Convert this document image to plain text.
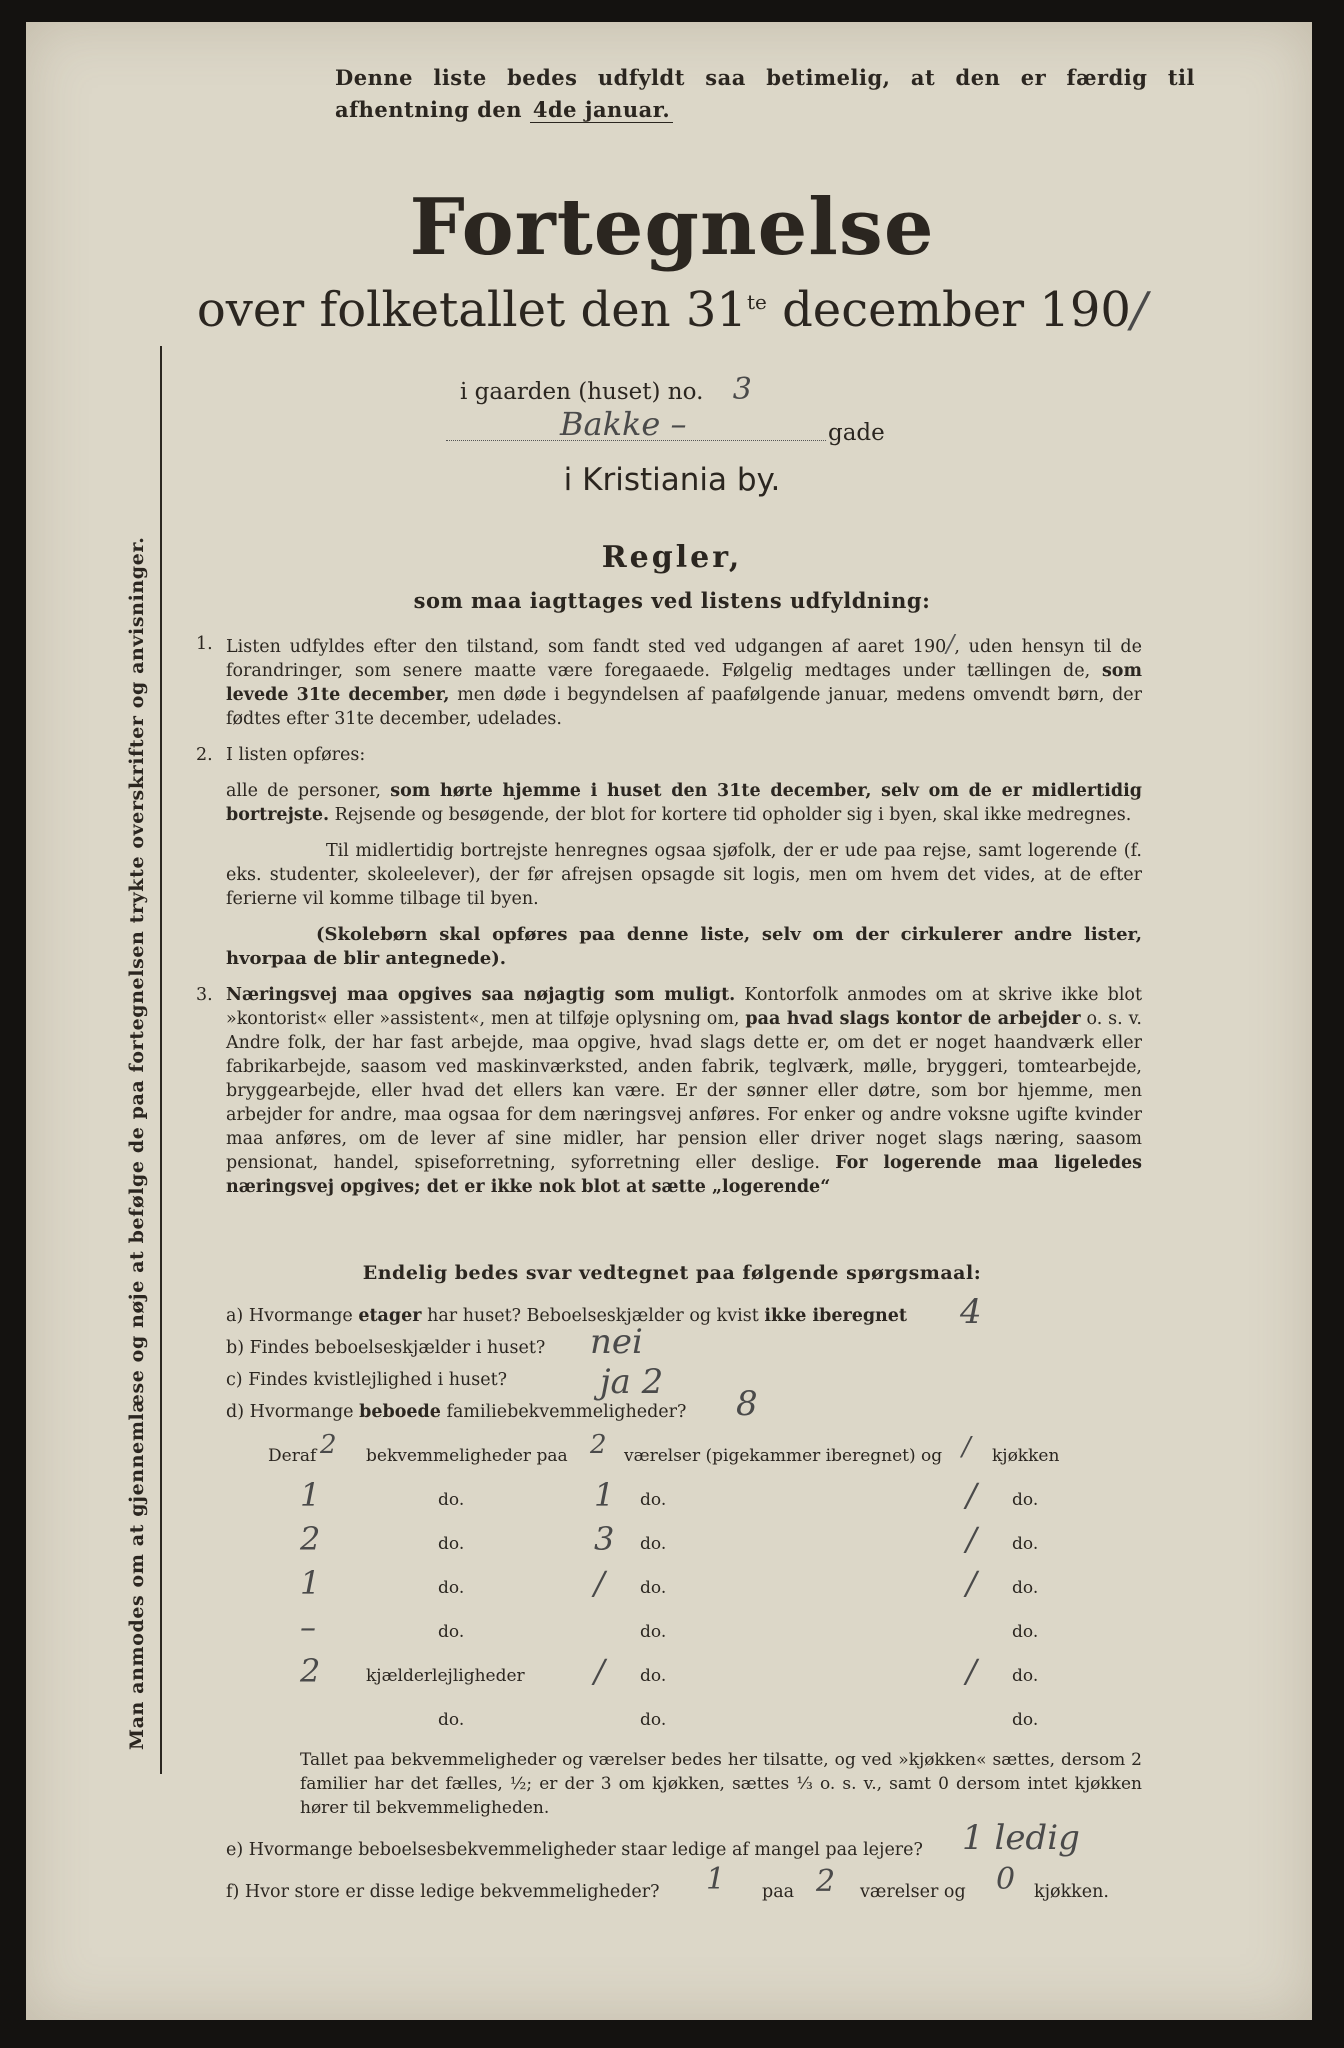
Denne liste bedes udfyldt saa betimelig, at den er færdig til
afhentning den 4de januar.
Fortegnelse
over folketallet den $31^{te}$ december 190/
i gaarden (huset) no. 3
Bakke –	gade
i Kristiania by.
Regler,
som maa iagttages ved listens udfyldning:
1. Listen udfyldes efter den tilstand, som fandt sted ved udgangen af aaret 190/, uden hensyn til de forandringer, som senere maatte være foregaaede. Følgelig medtages under tællingen de, som levede 31te december, men døde i begyndelsen af paafølgende januar, medens omvendt børn, der fødtes efter 31te december, udelades.
2. I listen opføres:

alle de personer, som hørte hjemme i huset den 31te december, selv om de er midlertidig bortrejste. Rejsende og besøgende, der blot for kortere tid opholder sig i byen, skal ikke medregnes.

Til midlertidig bortrejste henregnes ogsaa sjøfolk, der er ude paa rejse, samt logerende (f. eks. studenter, skoleelever), der før afrejsen opsagde sit logis, men om hvem det vides, at de efter ferierne vil komme tilbage til byen.

(Skolebørn skal opføres paa denne liste, selv om der cirkulerer andre lister, hvorpaa de blir antegnede).

3. Næringsvej maa opgives saa nøjagtig som muligt. Kontorfolk anmodes om at skrive ikke blot »kontorist« eller »assistent«, men at tilføje oplysning om, paa hvad slags kontor de arbejder o. s. v. Andre folk, der har fast arbejde, maa opgive, hvad slags dette er, om det er noget haandværk eller fabrikarbejde, saasom ved maskinværksted, anden fabrik, teglværk, mølle, bryggeri, tomtearbejde, bryggearbejde, eller hvad det ellers kan være. Er der sønner eller døtre, som bor hjemme, men arbejder for andre, maa ogsaa for dem næringsvej anføres. For enker og andre voksne ugifte kvinder maa anføres, om de lever af sine midler, har pension eller driver noget slags næring, saasom pensionat, handel, spiseforretning, syforretning eller deslige. For logerende maa ligeledes næringsvej opgives; det er ikke nok blot at sætte „logerende“
Endelig bedes svar vedtegnet paa følgende spørgsmaal:
a) Hvormange etager har huset? Beboelseskjælder og kvist ikke iberegnet 4
b) Findes beboelseskjælder i huset? nei
c) Findes kvistlejlighed i huset?	ja 2
d) Hvormange beboede familiebekvemmeligheder? 8
Deraf 2 bekvemmeligheder paa 2 værelser (pigekammer iberegnet) og / kjøkken
1	do.	1 do.	/ do.
2	do.	3 do.	/ do.
1	do.	/ do.	/ do.
–	do.	do.	do.
2	kjælderlejligheder / do.	/ do.
do.	do.	do.

Tallet paa bekvemmeligheder og værelser bedes her tilsatte, og ved »kjøkken« sættes, dersom 2 familier har det fælles, ½; er der 3 om kjøkken, sættes ⅓ o. s. v., samt 0 dersom intet kjøkken hører til bekvemmeligheden.

e) Hvormange beboelsesbekvemmeligheder staar ledige af mangel paa lejere? 1 ledig
f) Hvor store er disse ledige bekvemmeligheder? 1 paa 2 værelser og 0 kjøkken.
Man anmodes om at gjennemlæse og nøje at befølge de paa fortegnelsen trykte overskrifter og anvisninger.
